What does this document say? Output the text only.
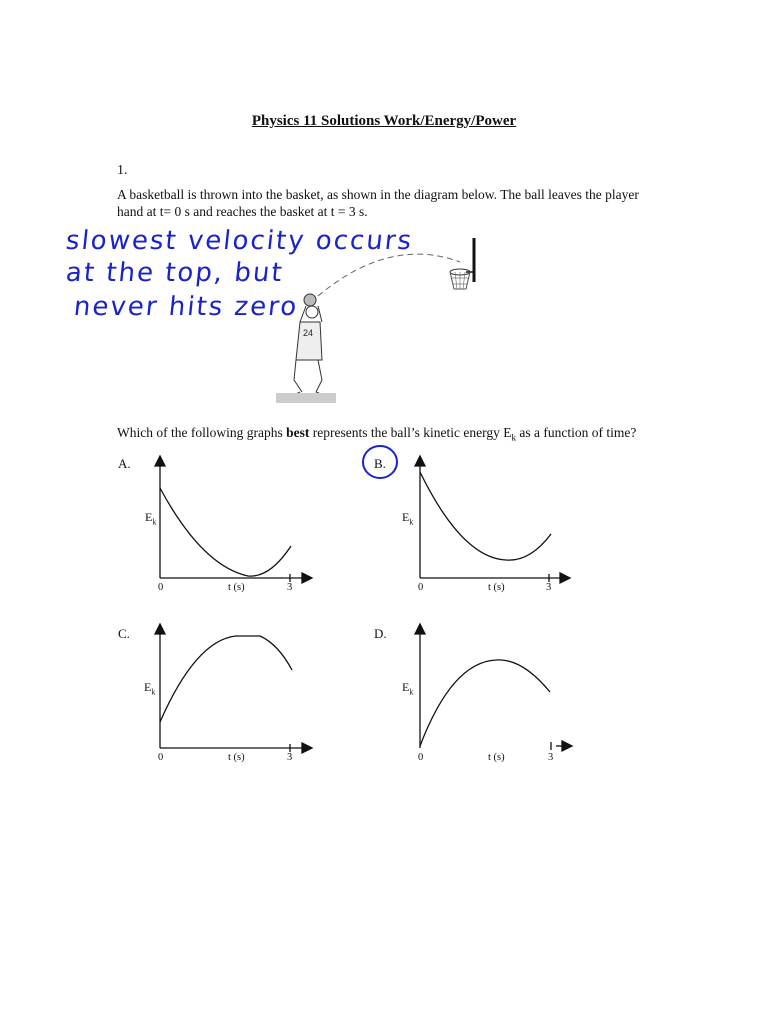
Physics 11 Solutions Work/Energy/Power
1.
A basketball is thrown into the basket, as shown in the diagram below. The ball leaves the player
hand at t= 0 s and reaches the basket at t = 3 s.
slowest velocity occurs
at the top, but
never hits zero
24
Which of the following graphs best represents the ball’s kinetic energy $E_k$ as a function of time?
A.	B.
C.	D.
$E_k$
0	t (s)	3
$E_k$
0	t (s)	3
$E_k$
0	t (s)	3
$E_k$
0	t (s)	3
